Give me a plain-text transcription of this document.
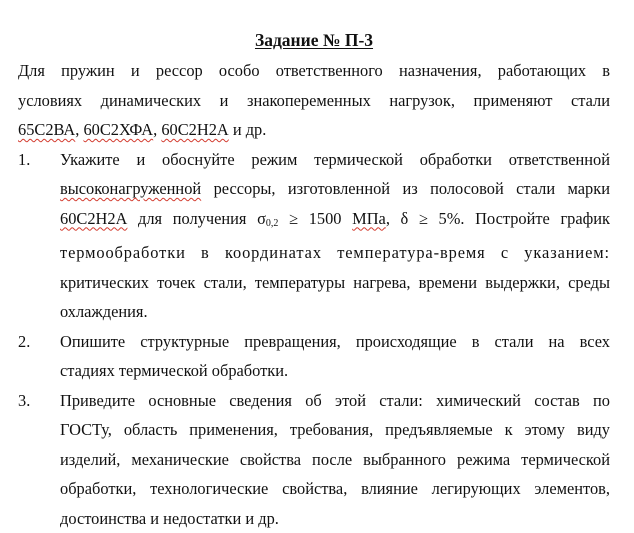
Задание № П-3
Для пружин и рессор особо ответственного назначения, работающих в
условиях динамических и знакопеременных нагрузок, применяют стали
65С2ВА, 60С2ХФА, 60С2Н2А и др.
1.	Укажите и обоснуйте режим термической обработки ответственной
высоконагруженной рессоры, изготовленной из полосовой стали марки
60С2Н2А для получения $\sigma_{0,2} \ge 1500$ МПа, δ ≥ 5%. Постройте график
термообработки в координатах температура-время с указанием:
критических точек стали, температуры нагрева, времени выдержки, среды
охлаждения.
2.	Опишите структурные превращения, происходящие в стали на всех
стадиях термической обработки.
3.	Приведите основные сведения об этой стали: химический состав по
ГОСТу, область применения, требования, предъявляемые к этому виду
изделий, механические свойства после выбранного режима термической
обработки, технологические свойства, влияние легирующих элементов,
достоинства и недостатки и др.
